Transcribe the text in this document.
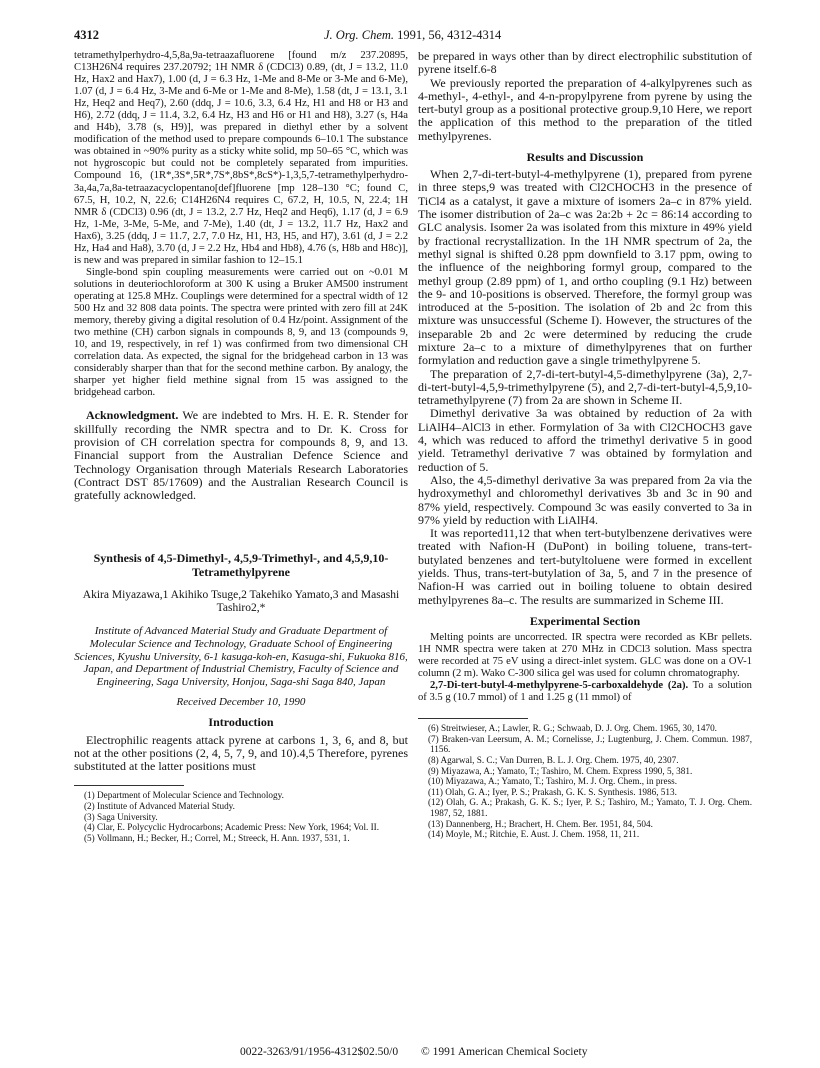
4312	J. Org. Chem. 1991, 56, 4312-4314

tetramethylperhydro-4,5,8a,9a-tetraazafluorene [found m/z 237.20895, C13H26N4 requires 237.20792; 1H NMR δ (CDCl3) 0.89, (dt, J = 13.2, 11.0 Hz, Hax2 and Hax7), 1.00 (d, J = 6.3 Hz, 1-Me and 8-Me or 3-Me and 6-Me), 1.07 (d, J = 6.4 Hz, 3-Me and 6-Me or 1-Me and 8-Me), 1.58 (dt, J = 13.1, 3.1 Hz, Heq2 and Heq7), 2.60 (ddq, J = 10.6, 3.3, 6.4 Hz, H1 and H8 or H3 and H6), 2.72 (ddq, J = 11.4, 3.2, 6.4 Hz, H3 and H6 or H1 and H8), 3.27 (s, H4a and H4b), 3.78 (s, H9)], was prepared in diethyl ether by a solvent modification of the method used to prepare compounds 6–10.1 The substance was obtained in ~90% purity as a sticky white solid, mp 50–65 °C, which was not hygroscopic but could not be completely separated from impurities. Compound 16, (1R*,3S*,5R*,7S*,8bS*,8cS*)-1,3,5,7-tetramethylperhydro-3a,4a,7a,8a-tetraazacyclopentano[def]fluorene [mp 128–130 °C; found C, 67.5, H, 10.2, N, 22.6; C14H26N4 requires C, 67.2, H, 10.5, N, 22.4; 1H NMR δ (CDCl3) 0.96 (dt, J = 13.2, 2.7 Hz, Heq2 and Heq6), 1.17 (d, J = 6.9 Hz, 1-Me, 3-Me, 5-Me, and 7-Me), 1.40 (dt, J = 13.2, 11.7 Hz, Hax2 and Hax6), 3.25 (ddq, J = 11.7, 2.7, 7.0 Hz, H1, H3, H5, and H7), 3.61 (d, J = 2.2 Hz, Ha4 and Ha8), 3.70 (d, J = 2.2 Hz, Hb4 and Hb8), 4.76 (s, H8b and H8c)], is new and was prepared in similar fashion to 12–15.1

Single-bond spin coupling measurements were carried out on ~0.01 M solutions in deuteriochloroform at 300 K using a Bruker AM500 instrument operating at 125.8 MHz. Couplings were determined for a spectral width of 12 500 Hz and 32 808 data points. The spectra were printed with zero fill at 24K memory, thereby giving a digital resolution of 0.4 Hz/point. Assignment of the two methine (CH) carbon signals in compounds 8, 9, and 13 (compounds 9, 10, and 19, respectively, in ref 1) was confirmed from two dimensional CH correlation data. As expected, the signal for the bridgehead carbon in 13 was considerably sharper than that for the second methine carbon. By analogy, the sharper yet higher field methine signal from 15 was assigned to the bridgehead carbon.

Acknowledgment. We are indebted to Mrs. H. E. R. Stender for skillfully recording the NMR spectra and to Dr. K. Cross for provision of CH correlation spectra for compounds 8, 9, and 13. Financial support from the Australian Defence Science and Technology Organisation through Materials Research Laboratories (Contract DST 85/17609) and the Australian Research Council is gratefully acknowledged.

Synthesis of 4,5-Dimethyl-, 4,5,9-Trimethyl-, and 4,5,9,10-Tetramethylpyrene

Akira Miyazawa,1 Akihiko Tsuge,2 Takehiko Yamato,3 and Masashi Tashiro2,*

Institute of Advanced Material Study and Graduate Department of Molecular Science and Technology, Graduate School of Engineering Sciences, Kyushu University, 6-1 kasuga-koh-en, Kasuga-shi, Fukuoka 816, Japan, and Department of Industrial Chemistry, Faculty of Science and Engineering, Saga University, Honjou, Saga-shi Saga 840, Japan

Received December 10, 1990

Introduction

Electrophilic reagents attack pyrene at carbons 1, 3, 6, and 8, but not at the other positions (2, 4, 5, 7, 9, and 10).4,5 Therefore, pyrenes substituted at the latter positions must

(1) Department of Molecular Science and Technology.

(2) Institute of Advanced Material Study.

(3) Saga University.

(4) Clar, E. Polycyclic Hydrocarbons; Academic Press: New York, 1964; Vol. II.

(5) Vollmann, H.; Becker, H.; Correl, M.; Streeck, H. Ann. 1937, 531, 1.

be prepared in ways other than by direct electrophilic substitution of pyrene itself.6-8

We previously reported the preparation of 4-alkylpyrenes such as 4-methyl-, 4-ethyl-, and 4-n-propylpyrene from pyrene by using the tert-butyl group as a positional protective group.9,10 Here, we report the application of this method to the preparation of the titled methylpyrenes.

Results and Discussion

When 2,7-di-tert-butyl-4-methylpyrene (1), prepared from pyrene in three steps,9 was treated with Cl2CHOCH3 in the presence of TiCl4 as a catalyst, it gave a mixture of isomers 2a–c in 87% yield. The isomer distribution of 2a–c was 2a:2b + 2c = 86:14 according to GLC analysis. Isomer 2a was isolated from this mixture in 49% yield by fractional recrystallization. In the 1H NMR spectrum of 2a, the methyl signal is shifted 0.28 ppm downfield to 3.17 ppm, owing to the influence of the neighboring formyl group, compared to the methyl group (2.89 ppm) of 1, and ortho coupling (9.1 Hz) between the 9- and 10-positions is observed. Therefore, the formyl group was introduced at the 5-position. The isolation of 2b and 2c from this mixture was unsuccessful (Scheme I). However, the structures of the inseparable 2b and 2c were determined by reducing the crude mixture 2a–c to a mixture of dimethylpyrenes that on further formylation and reduction gave a single trimethylpyrene 5.

The preparation of 2,7-di-tert-butyl-4,5-dimethylpyrene (3a), 2,7-di-tert-butyl-4,5,9-trimethylpyrene (5), and 2,7-di-tert-butyl-4,5,9,10-tetramethylpyrene (7) from 2a are shown in Scheme II.

Dimethyl derivative 3a was obtained by reduction of 2a with LiAlH4–AlCl3 in ether. Formylation of 3a with Cl2CHOCH3 gave 4, which was reduced to afford the trimethyl derivative 5 in good yield. Tetramethyl derivative 7 was obtained by formylation and reduction of 5.

Also, the 4,5-dimethyl derivative 3a was prepared from 2a via the hydroxymethyl and chloromethyl derivatives 3b and 3c in 90 and 87% yield, respectively. Compound 3c was easily converted to 3a in 97% yield by reduction with LiAlH4.

It was reported11,12 that when tert-butylbenzene derivatives were treated with Nafion-H (DuPont) in boiling toluene, trans-tert-butylated benzenes and tert-butyltoluene were formed in excellent yields. Thus, trans-tert-butylation of 3a, 5, and 7 in the presence of Nafion-H was carried out in boiling toluene to obtain desired methylpyrenes 8a–c. The results are summarized in Scheme III.

Experimental Section

Melting points are uncorrected. IR spectra were recorded as KBr pellets. 1H NMR spectra were taken at 270 MHz in CDCl3 solution. Mass spectra were recorded at 75 eV using a direct-inlet system. GLC was done on a OV-1 column (2 m). Wako C-300 silica gel was used for column chromatography.

2,7-Di-tert-butyl-4-methylpyrene-5-carboxaldehyde (2a). To a solution of 3.5 g (10.7 mmol) of 1 and 1.25 g (11 mmol) of

(6) Streitwieser, A.; Lawler, R. G.; Schwaab, D. J. Org. Chem. 1965, 30, 1470.

(7) Braken-van Leersum, A. M.; Cornelisse, J.; Lugtenburg, J. Chem. Commun. 1987, 1156.

(8) Agarwal, S. C.; Van Durren, B. L. J. Org. Chem. 1975, 40, 2307.

(9) Miyazawa, A.; Yamato, T.; Tashiro, M. Chem. Express 1990, 5, 381.

(10) Miyazawa, A.; Yamato, T.; Tashiro, M. J. Org. Chem., in press.

(11) Olah, G. A.; Iyer, P. S.; Prakash, G. K. S. Synthesis. 1986, 513.

(12) Olah, G. A.; Prakash, G. K. S.; Iyer, P. S.; Tashiro, M.; Yamato, T. J. Org. Chem. 1987, 52, 1881.

(13) Dannenberg, H.; Brachert, H. Chem. Ber. 1951, 84, 504.

(14) Moyle, M.; Ritchie, E. Aust. J. Chem. 1958, 11, 211.

0022-3263/91/1956-4312$02.50/0 © 1991 American Chemical Society
